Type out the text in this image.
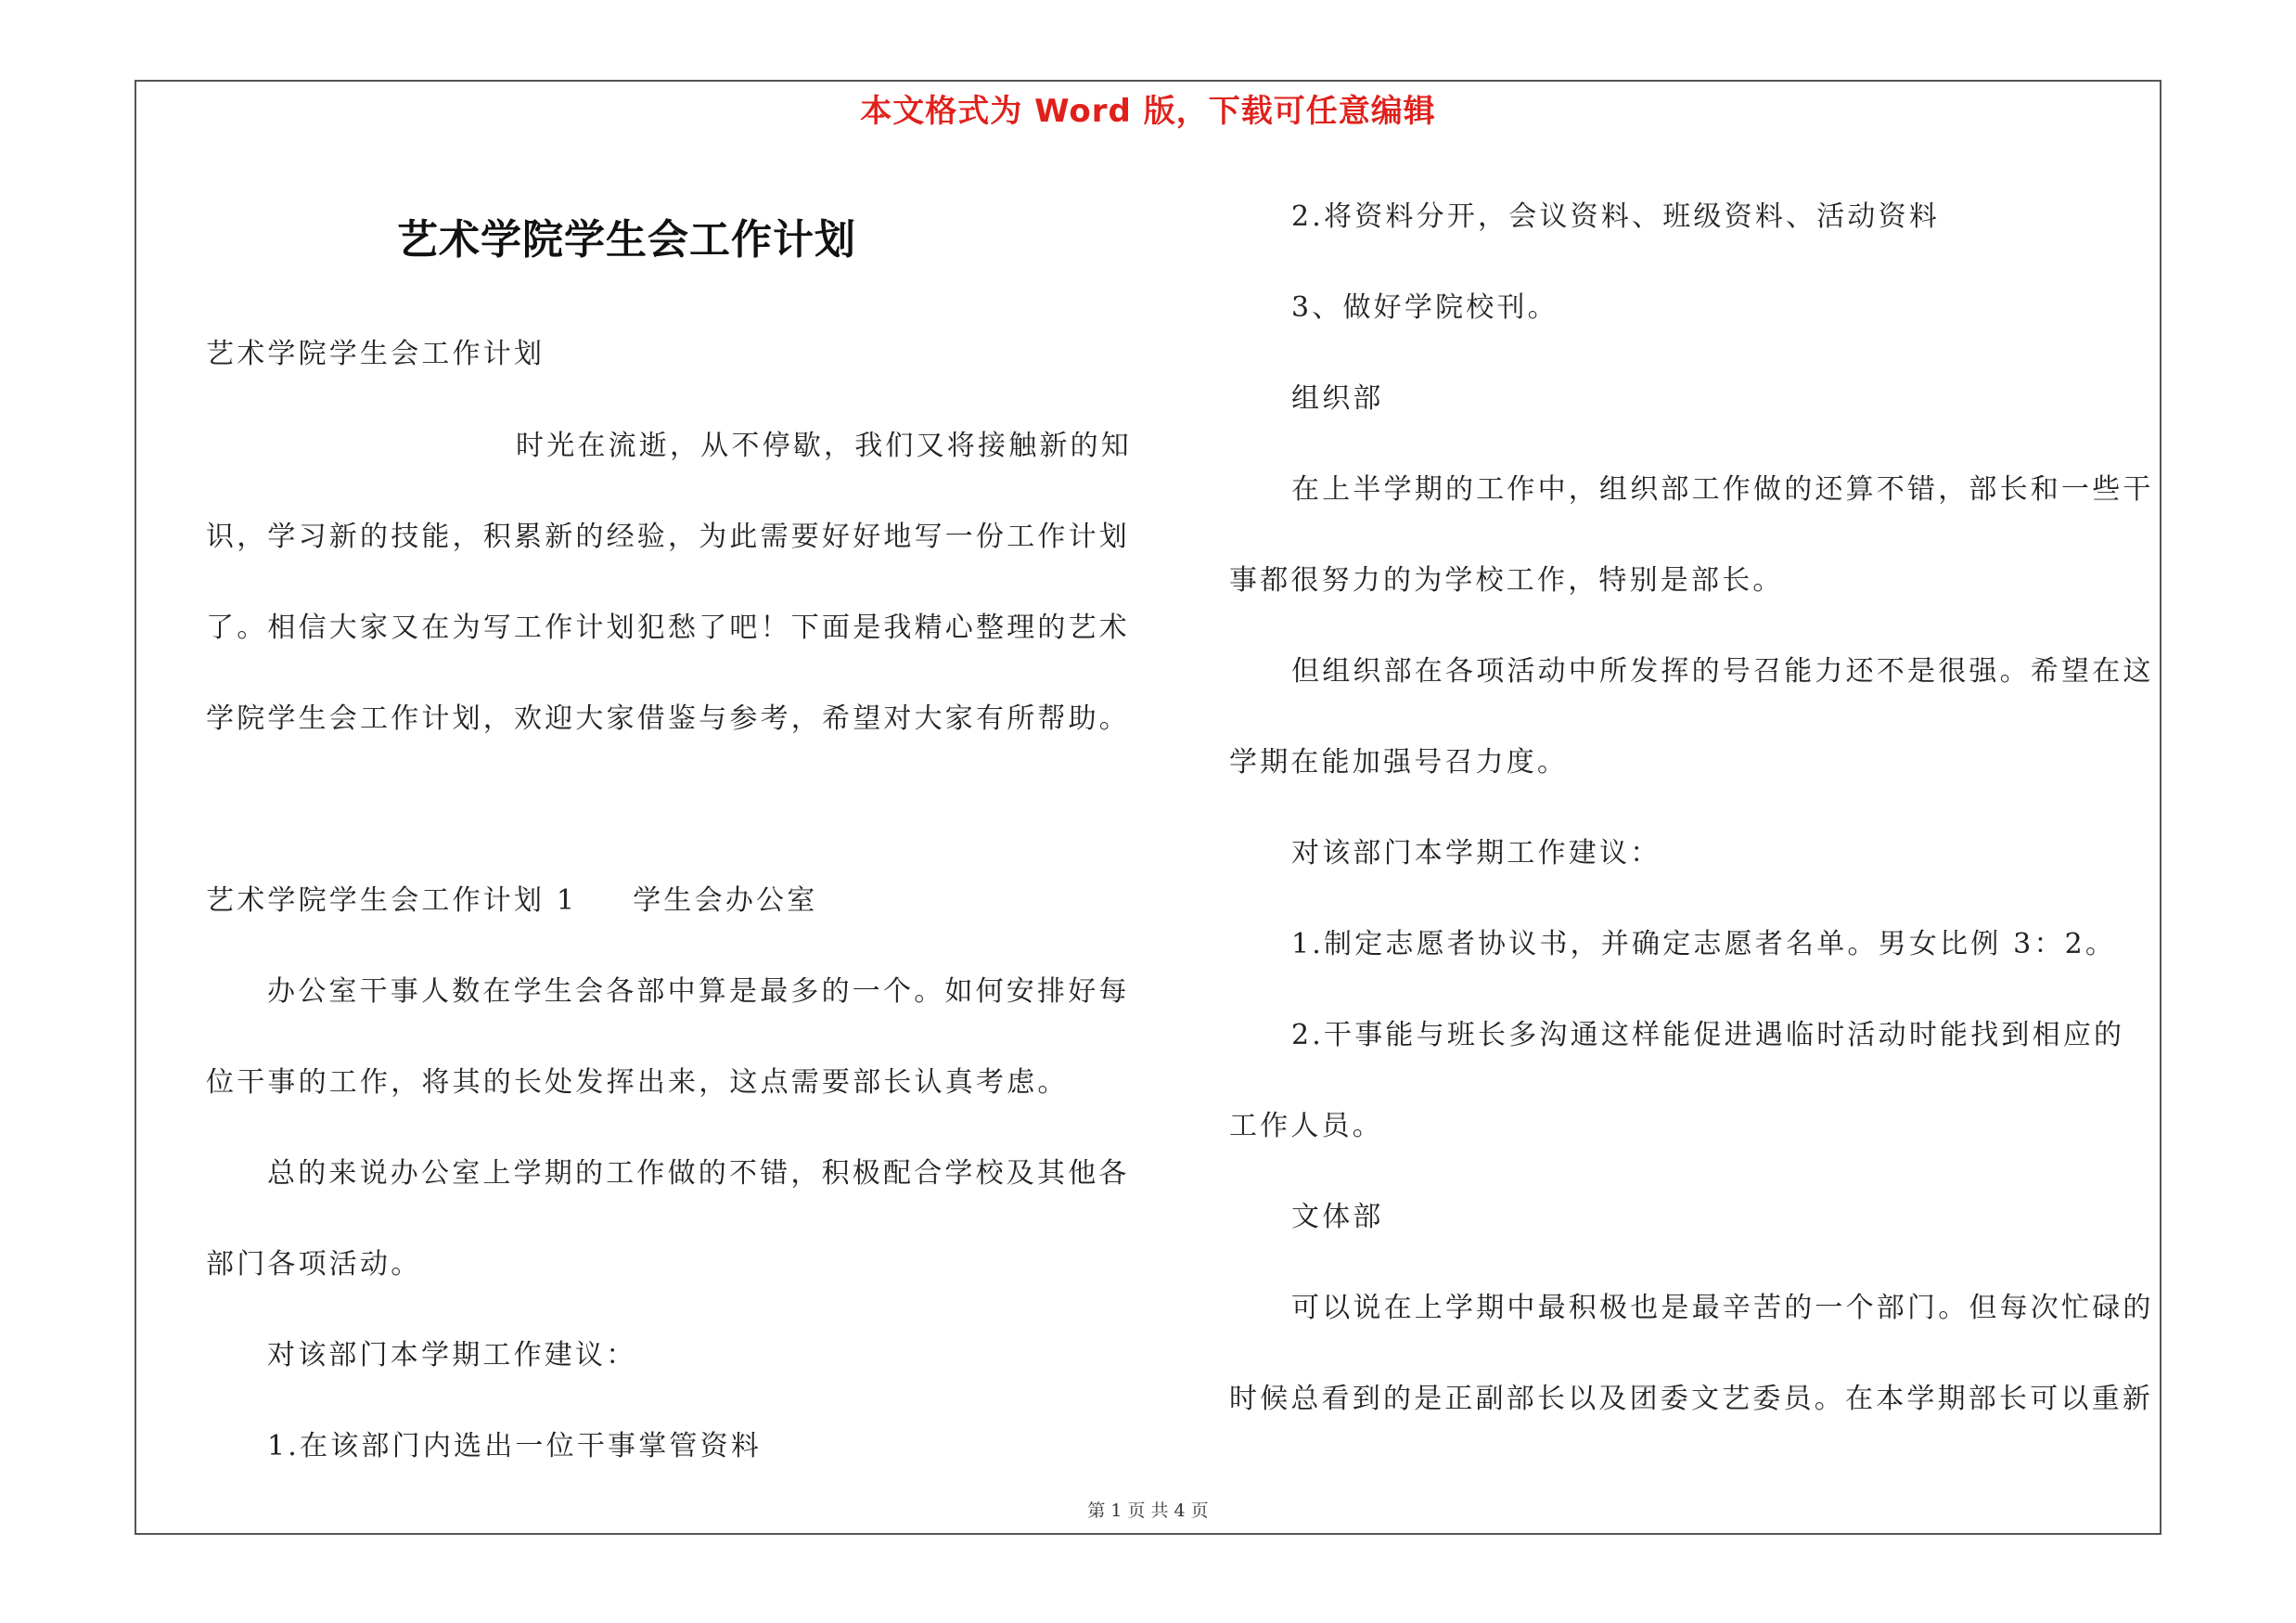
本文格式为 Word 版，下载可任意编辑
艺术学院学生会工作计划
艺术学院学生会工作计划
时光在流逝，从不停歇，我们又将接触新的知
识，学习新的技能，积累新的经验，为此需要好好地写一份工作计划
了。相信大家又在为写工作计划犯愁了吧！下面是我精心整理的艺术
学院学生会工作计划，欢迎大家借鉴与参考，希望对大家有所帮助。
艺术学院学生会工作计划 1 学生会办公室
办公室干事人数在学生会各部中算是最多的一个。如何安排好每
位干事的工作，将其的长处发挥出来，这点需要部长认真考虑。
总的来说办公室上学期的工作做的不错，积极配合学校及其他各
部门各项活动。
对该部门本学期工作建议：
1.在该部门内选出一位干事掌管资料
2.将资料分开，会议资料、班级资料、活动资料
3、做好学院校刊。
组织部
在上半学期的工作中，组织部工作做的还算不错，部长和一些干
事都很努力的为学校工作，特别是部长。
但组织部在各项活动中所发挥的号召能力还不是很强。希望在这
学期在能加强号召力度。
对该部门本学期工作建议：
1.制定志愿者协议书，并确定志愿者名单。男女比例 3：2。
2.干事能与班长多沟通这样能促进遇临时活动时能找到相应的
工作人员。
文体部
可以说在上学期中最积极也是最辛苦的一个部门。但每次忙碌的
时候总看到的是正副部长以及团委文艺委员。在本学期部长可以重新
第 1 页 共 4 页
